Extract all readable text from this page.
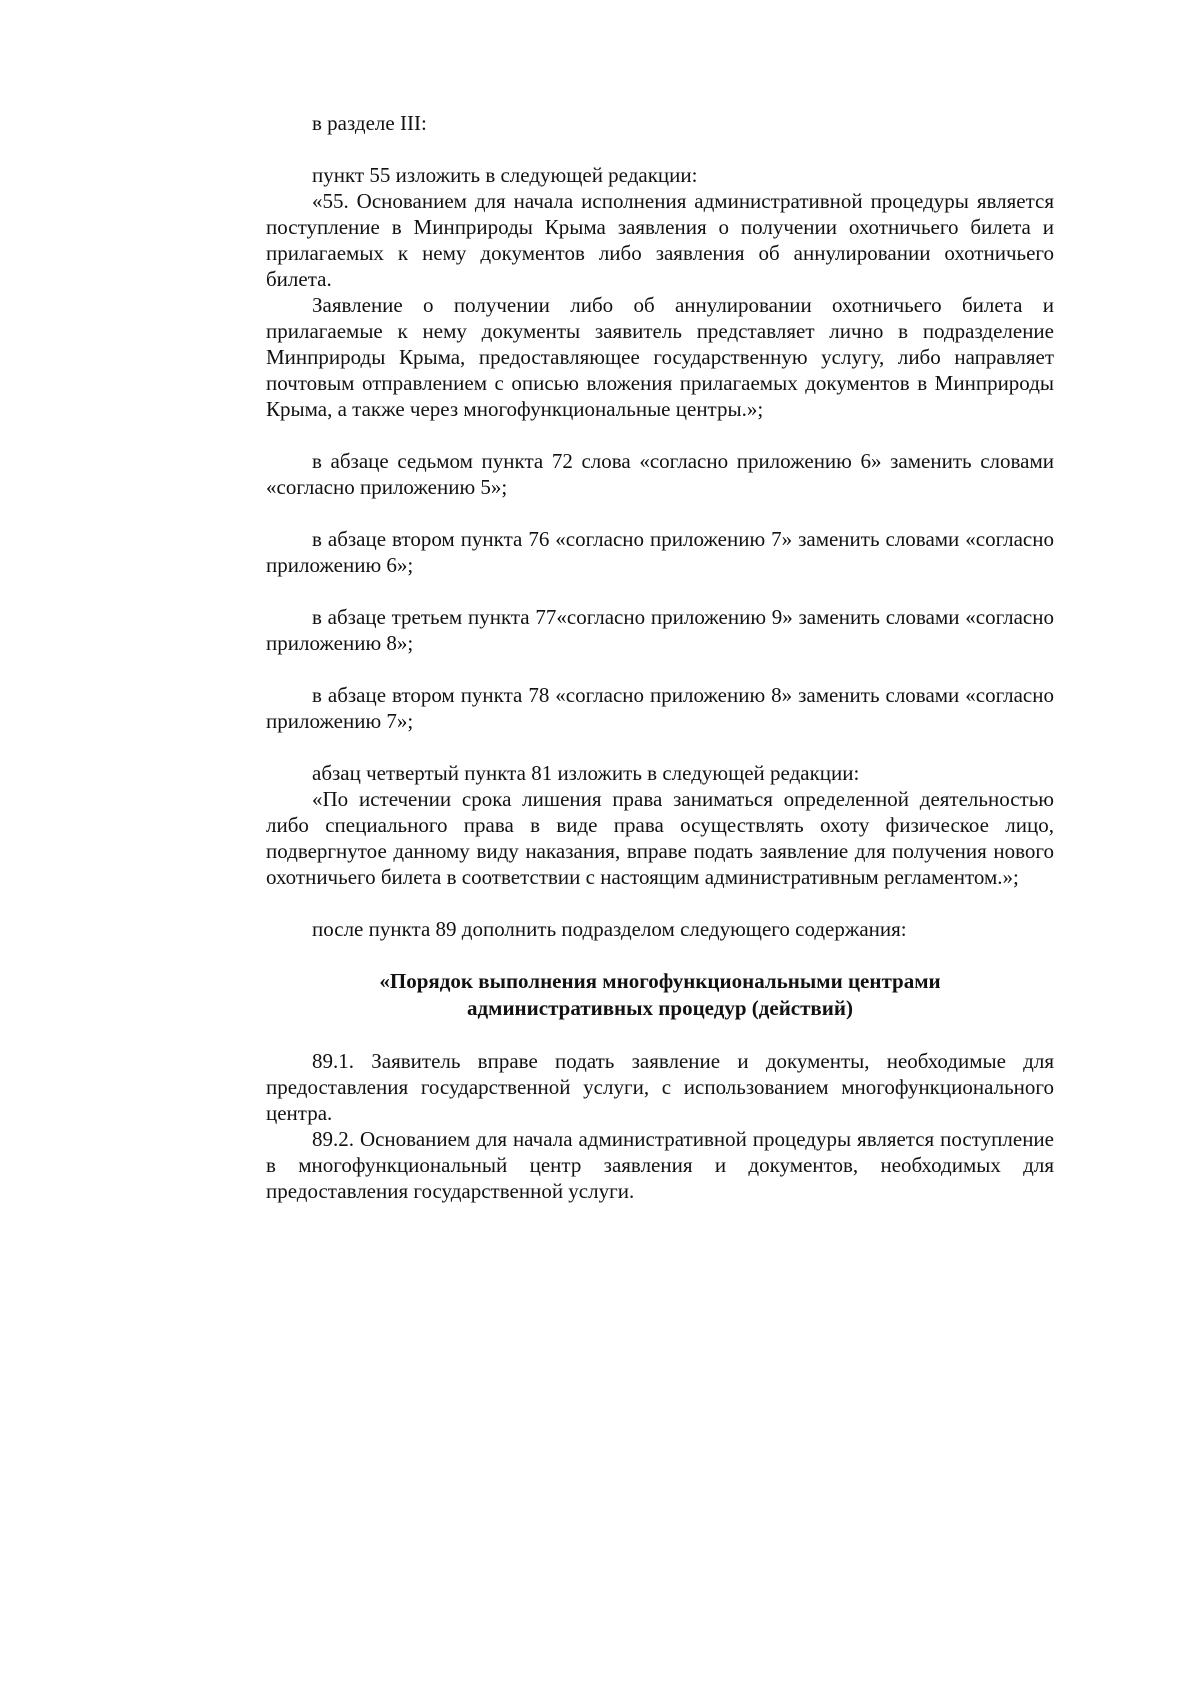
в разделе III:

пункт 55 изложить в следующей редакции:

«55. Основанием для начала исполнения административной процедуры является поступление в Минприроды Крыма заявления о получении охотничьего билета и прилагаемых к нему документов либо заявления об аннулировании охотничьего билета.

Заявление о получении либо об аннулировании охотничьего билета и прилагаемые к нему документы заявитель представляет лично в подразделение Минприроды Крыма, предоставляющее государственную услугу, либо направляет почтовым отправлением с описью вложения прилагаемых документов в Минприроды Крыма, а также через многофункциональные центры.»;

в абзаце седьмом пункта 72 слова «согласно приложению 6» заменить словами «согласно приложению 5»;

в абзаце втором пункта 76 «согласно приложению 7» заменить словами «согласно приложению 6»;

в абзаце третьем пункта 77«согласно приложению 9» заменить словами «согласно приложению 8»;

в абзаце втором пункта 78 «согласно приложению 8» заменить словами «согласно приложению 7»;

абзац четвертый пункта 81 изложить в следующей редакции:

«По истечении срока лишения права заниматься определенной деятельностью либо специального права в виде права осуществлять охоту физическое лицо, подвергнутое данному виду наказания, вправе подать заявление для получения нового охотничьего билета в соответствии с настоящим административным регламентом.»;

после пункта 89 дополнить подразделом следующего содержания:

«Порядок выполнения многофункциональными центрами
административных процедур (действий)

89.1. Заявитель вправе подать заявление и документы, необходимые для предоставления государственной услуги, с использованием многофункционального центра.

89.2. Основанием для начала административной процедуры является поступление в многофункциональный центр заявления и документов, необходимых для предоставления государственной услуги.
